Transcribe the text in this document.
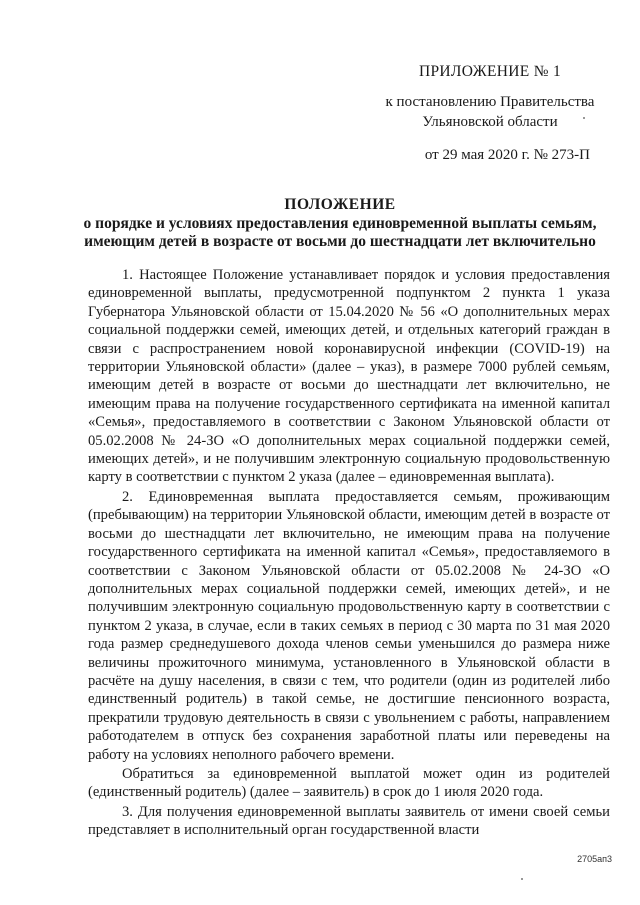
ПРИЛОЖЕНИЕ № 1
к постановлению Правительства
Ульяновской области
от 29 мая 2020 г. № 273-П
ПОЛОЖЕНИЕ
о порядке и условиях предоставления единовременной выплаты семьям, имеющим детей в возрасте от восьми до шестнадцати лет включительно

1. Настоящее Положение устанавливает порядок и условия предоставления единовременной выплаты, предусмотренной подпунктом 2 пункта 1 указа Губернатора Ульяновской области от 15.04.2020 № 56 «О дополнительных мерах социальной поддержки семей, имеющих детей, и отдельных категорий граждан в связи с распространением новой коронавирусной инфекции (COVID-19) на территории Ульяновской области» (далее – указ), в размере 7000 рублей семьям, имеющим детей в возрасте от восьми до шестнадцати лет включительно, не имеющим права на получение государственного сертификата на именной капитал «Семья», предоставляемого в соответствии с Законом Ульяновской области от 05.02.2008 № 24-ЗО «О дополнительных мерах социальной поддержки семей, имеющих детей», и не получившим электронную социальную продовольственную карту в соответствии с пунктом 2 указа (далее – единовременная выплата).

2. Единовременная выплата предоставляется семьям, проживающим (пребывающим) на территории Ульяновской области, имеющим детей в возрасте от восьми до шестнадцати лет включительно, не имеющим права на получение государственного сертификата на именной капитал «Семья», предоставляемого в соответствии с Законом Ульяновской области от 05.02.2008 № 24-ЗО «О дополнительных мерах социальной поддержки семей, имеющих детей», и не получившим электронную социальную продовольственную карту в соответствии с пунктом 2 указа, в случае, если в таких семьях в период с 30 марта по 31 мая 2020 года размер среднедушевого дохода членов семьи уменьшился до размера ниже величины прожиточного минимума, установленного в Ульяновской области в расчёте на душу населения, в связи с тем, что родители (один из родителей либо единственный родитель) в такой семье, не достигшие пенсионного возраста, прекратили трудовую деятельность в связи с увольнением с работы, направлением работодателем в отпуск без сохранения заработной платы или переведены на работу на условиях неполного рабочего времени.

Обратиться за единовременной выплатой может один из родителей (единственный родитель) (далее – заявитель) в срок до 1 июля 2020 года.

3. Для получения единовременной выплаты заявитель от имени своей семьи представляет в исполнительный орган государственной власти

2705ап3
